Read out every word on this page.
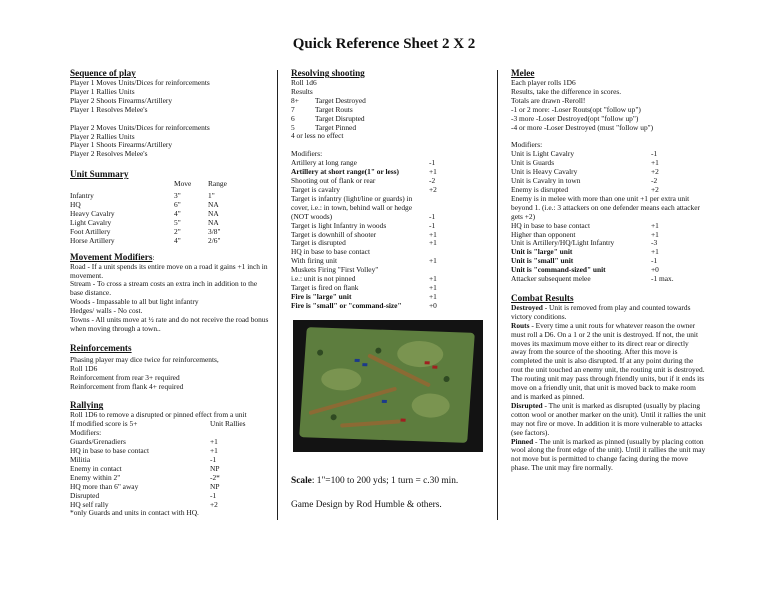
Quick Reference Sheet 2 X 2
Sequence of play
Player 1 Moves Units/Dices for reinforcements
Player 1 Rallies Units
Player 2 Shoots Firearms/Artillery
Player 1 Resolves Melee's
Player 2 Moves Units/Dices for reinforcements
Player 2 Rallies Units
Player 1 Shoots Firearms/Artillery
Player 2 Resolves Melee's
Unit Summary
Move	Range
Infantry	3"	1"
HQ	6"	NA
Heavy Cavalry	4"	NA
Light Cavalry	5"	NA
Foot Artillery	2"	3/8"
Horse Artillery	4"	2/6"
Movement Modifiers:
Road - If a unit spends its entire move on a road it gains +1 inch in movement.
Stream - To cross a stream costs an extra inch in addition to the base distance.
Woods - Impassable to all but light infantry
Hedges/ walls - No cost.
Towns - All units move at ½ rate and do not receive the road bonus when moving through a town..
Reinforcements
Phasing player may dice twice for reinforcements,
Roll 1D6
Reinforcement from rear 3+ required
Reinforcement from flank 4+ required
Rallying
Roll 1D6 to remove a disrupted or pinned effect from a unit
If modified score is 5+	Unit Rallies
Modifiers:
Guards/Grenadiers	+1
HQ in base to base contact	+1
Militia	-1
Enemy in contact	NP
Enemy within 2"	-2*
HQ more than 6" away	NP
Disrupted	-1
HQ self rally	+2
*only Guards and units in contact with HQ.
Resolving shooting
Roll 1d6
Results
8+	Target Destroyed
7	Target Routs
6	Target Disrupted
5	Target Pinned
4 or less no effect
Modifiers:
Artillery at long range	-1
Artillery at short range(1" or less)	+1
Shooting out of flank or rear	-2
Target is cavalry	+2
Target is infantry (light/line or guards) in cover, i.e.: in town, behind wall or hedge (NOT woods)	-1
Target is light Infantry in woods	-1
Target is downhill of shooter	+1
Target is disrupted	+1
HQ in base to base contact
With firing unit	+1
Muskets Firing "First Volley"
i.e.: unit is not pinned	+1
Target is fired on flank	+1
Fire is "large" unit	+1
Fire is "small" or "command-size"	+0
Scale: 1"=100 to 200 yds; 1 turn = c.30 min.
Game Design by Rod Humble & others.
Melee
Each player rolls 1D6
Results, take the difference in scores.
Totals are drawn -Reroll!
-1 or 2 more: -Loser Routs(opt "follow up")
-3 more -Loser Destroyed(opt "follow up")
-4 or more -Loser Destroyed (must "follow up")
Modifiers:
Unit is Light Cavalry	-1
Unit is Guards	+1
Unit is Heavy Cavalry	+2
Unit is Cavalry in town	-2
Enemy is disrupted	+2
Enemy is in melee with more than one unit +1 per extra unit beyond 1. (i.e.: 3 attackers on one defender means each attacker gets +2)
HQ in base to base contact	+1
Higher than opponent	+1
Unit is Artillery/HQ/Light Infantry	-3
Unit is "large" unit	+1
Unit is "small" unit	-1
Unit is "command-sized" unit	+0
Attacker subsequent melee	-1 max.
Combat Results
Destroyed - Unit is removed from play and counted towards victory conditions.
Routs - Every time a unit routs for whatever reason the owner must roll a D6. On a 1 or 2 the unit is destroyed. If not, the unit moves its maximum move either to its direct rear or directly away from the source of the shooting. After this move is completed the unit is also disrupted. If at any point during the rout the unit touched an enemy unit, the routing unit is destroyed. The routing unit may pass through friendly units, but if it ends its move on a friendly unit, that unit is moved back to make room and is marked as pinned.
Disrupted - The unit is marked as disrupted (usually by placing cotton wool or another marker on the unit). Until it rallies the unit may not fire or move. In addition it is more vulnerable to attacks (see factors).
Pinned - The unit is marked as pinned (usually by placing cotton wool along the front edge of the unit). Until it rallies the unit may not move but is permitted to change facing during the move phase. The unit may fire normally.
